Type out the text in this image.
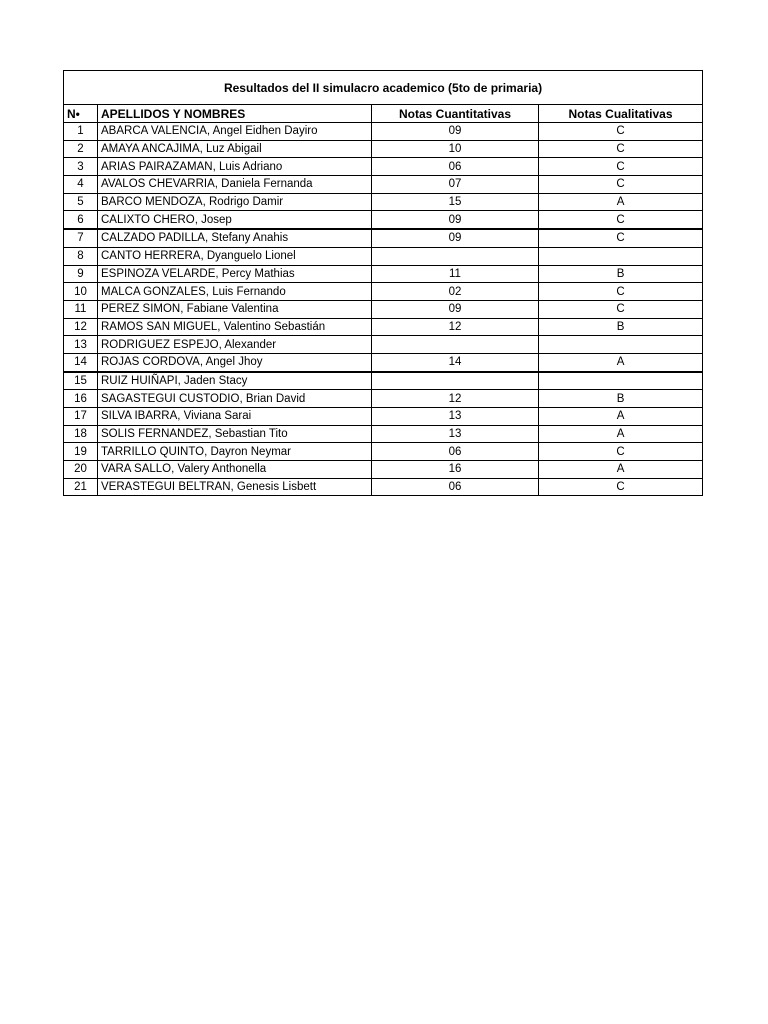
Resultados del II simulacro academico (5to de primaria)			
N•	APELLIDOS Y NOMBRES	Notas Cuantitativas	Notas Cualitativas
1	ABARCA VALENCIA, Angel Eidhen Dayiro	09	C
2	AMAYA ANCAJIMA, Luz Abigail	10	C
3	ARIAS PAIRAZAMAN, Luis Adriano	06	C
4	AVALOS CHEVARRIA, Daniela Fernanda	07	C
5	BARCO MENDOZA, Rodrigo Damir	15	A
6	CALIXTO CHERO, Josep	09	C
7	CALZADO PADILLA, Stefany Anahis	09	C
8	CANTO HERRERA, Dyanguelo Lionel		
9	ESPINOZA VELARDE, Percy Mathias	11	B
10	MALCA GONZALES, Luis Fernando	02	C
11	PEREZ SIMON, Fabiane Valentina	09	C
12	RAMOS SAN MIGUEL, Valentino Sebastián	12	B
13	RODRIGUEZ ESPEJO, Alexander		
14	ROJAS CORDOVA, Angel Jhoy	14	A
15	RUIZ HUIÑAPI, Jaden Stacy		
16	SAGASTEGUI CUSTODIO, Brian David	12	B
17	SILVA IBARRA, Viviana Sarai	13	A
18	SOLIS FERNANDEZ, Sebastian Tito	13	A
19	TARRILLO QUINTO, Dayron Neymar	06	C
20	VARA SALLO, Valery Anthonella	16	A
21	VERASTEGUI BELTRAN, Genesis Lisbett	06	C
